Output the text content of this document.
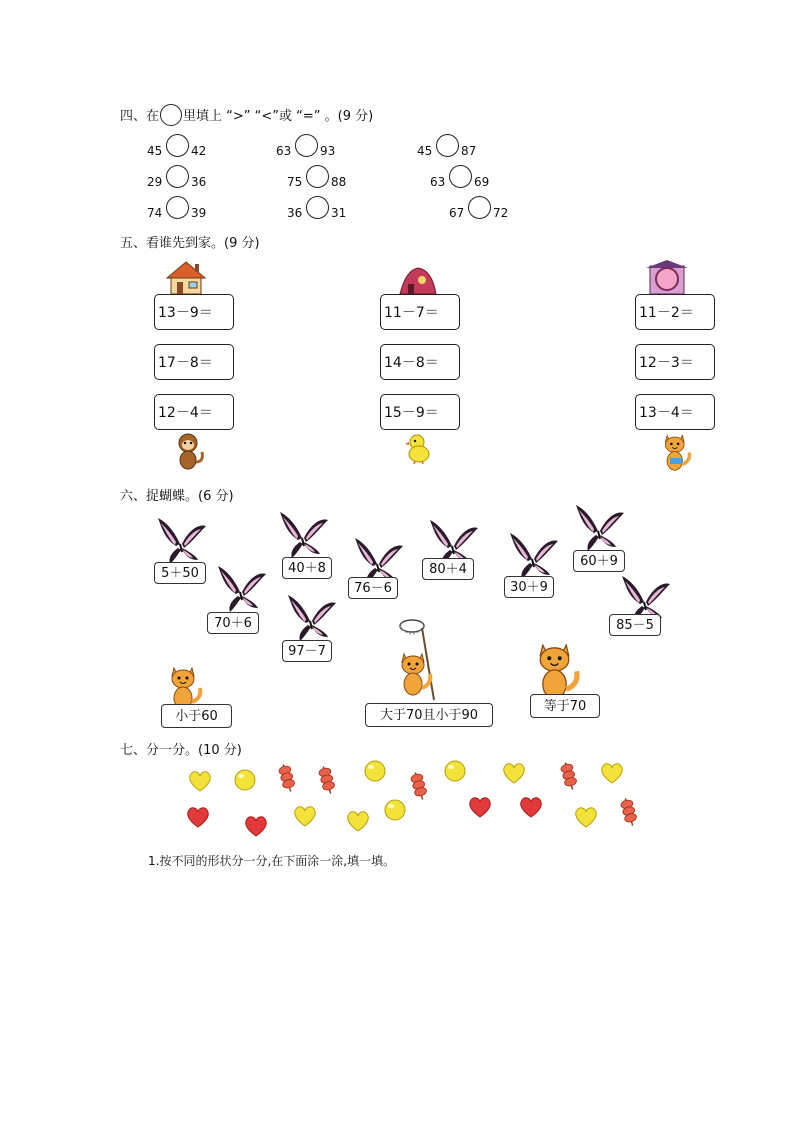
四、在 里填上 “>” “<”或 “=” 。(9 分)
45 42	63 93	45 87
29 36	75 88	63 69
74 39	36 31	67 72
五、看谁先到家。(9 分)
13－9＝
17－8＝
12－4＝
11－7＝
14－8＝
15－9＝
11－2＝
12－3＝
13－4＝
六、捉蝴蝶。(6 分)
5＋50
70＋6
40＋8
97－7
76－6
80＋4
30＋9
60＋9
85－5
小于60	大于70且小于90
等于70
七、分一分。(10 分)
1.按不同的形状分一分,在下面涂一涂,填一填。
